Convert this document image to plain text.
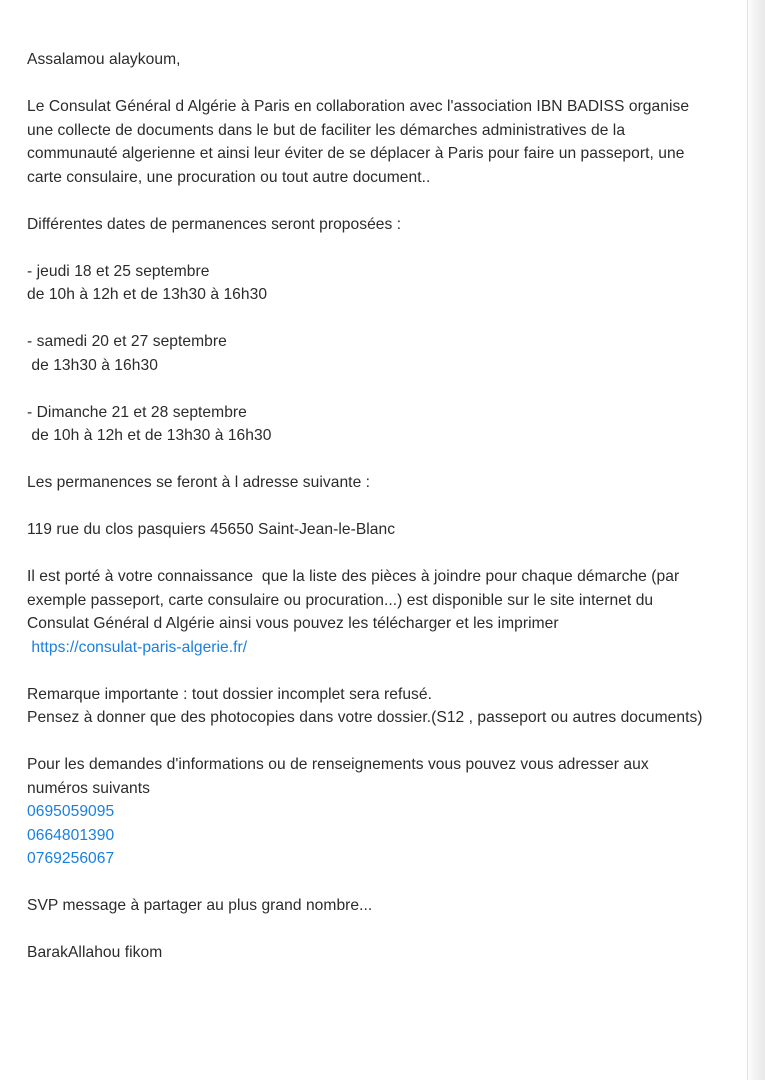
Assalamou alaykoum,
Le Consulat Général d Algérie à Paris en collaboration avec l'association IBN BADISS organise
une collecte de documents dans le but de faciliter les démarches administratives de la
communauté algerienne et ainsi leur éviter de se déplacer à Paris pour faire un passeport, une
carte consulaire, une procuration ou tout autre document..
Différentes dates de permanences seront proposées :
- jeudi 18 et 25 septembre
de 10h à 12h et de 13h30 à 16h30
- samedi 20 et 27 septembre
de 13h30 à 16h30
- Dimanche 21 et 28 septembre
de 10h à 12h et de 13h30 à 16h30
Les permanences se feront à l adresse suivante :
119 rue du clos pasquiers 45650 Saint-Jean-le-Blanc
Il est porté à votre connaissance  que la liste des pièces à joindre pour chaque démarche (par
exemple passeport, carte consulaire ou procuration...) est disponible sur le site internet du
Consulat Général d Algérie ainsi vous pouvez les télécharger et les imprimer
https://consulat-paris-algerie.fr/
Remarque importante : tout dossier incomplet sera refusé.
Pensez à donner que des photocopies dans votre dossier.(S12 , passeport ou autres documents)
Pour les demandes d'informations ou de renseignements vous pouvez vous adresser aux
numéros suivants
0695059095
0664801390
0769256067
SVP message à partager au plus grand nombre...
BarakAllahou fikom
